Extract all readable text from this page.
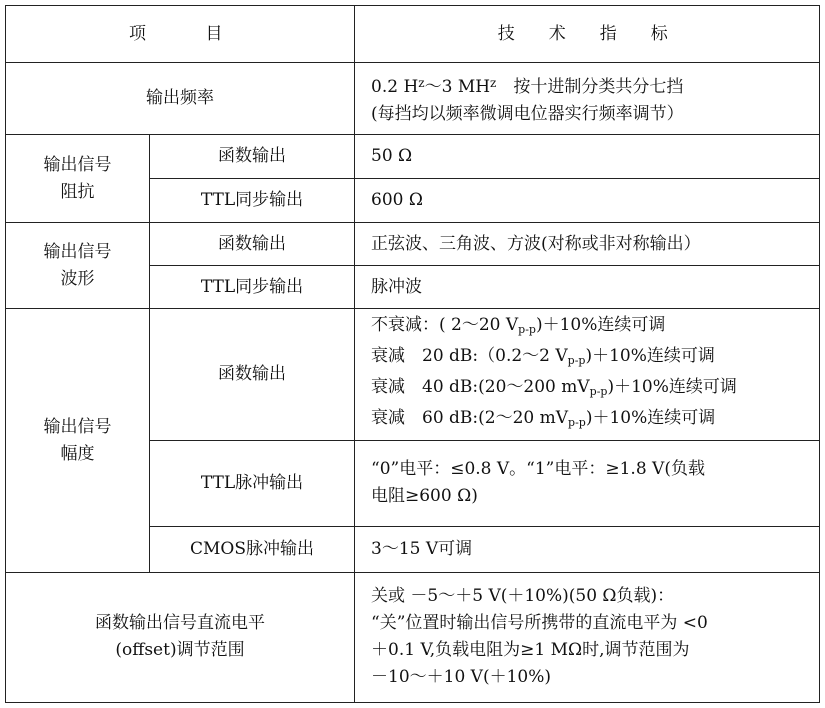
项　　目		技　术　指　标
输出频率		0.2 $H^z\sim 3$ $MH^z$　按十进制分类共分七挡
(每挡均以频率微调电位器实行频率调节）

输出信号
阻抗	函数输出	50 Ω
	TTL同步输出	600 Ω

输出信号
波形	函数输出	正弦波、三角波、方波(对称或非对称输出）
	TTL同步输出	脉冲波

输出信号
幅度	函数输出	不衰减：( 2～20 $V_{p-p})+10\%$连续可调
衰减　20 dB:（0.2～2 $V_{p-p})+10\%$连续可调
衰减　40 dB:(20～200 $mV_{p-p})+10\%$连续可调
衰减　60 dB:(2～20 $mV_{p-p})+10\%$连续可调

	TTL脉冲输出	“0”电平：≤0.8 V。“1”电平：≥1.8 V(负载
电阻≥600 Ω)

	CMOS脉冲输出	3～15 V可调

函数输出信号直流电平
(offset)调节范围		关或 －5～＋5 V(＋10%)(50 Ω负载)：
“关”位置时输出信号所携带的直流电平为 <0
＋0.1 V,负载电阻为≥1 MΩ时,调节范围为
－10～＋10 V(＋10%)
